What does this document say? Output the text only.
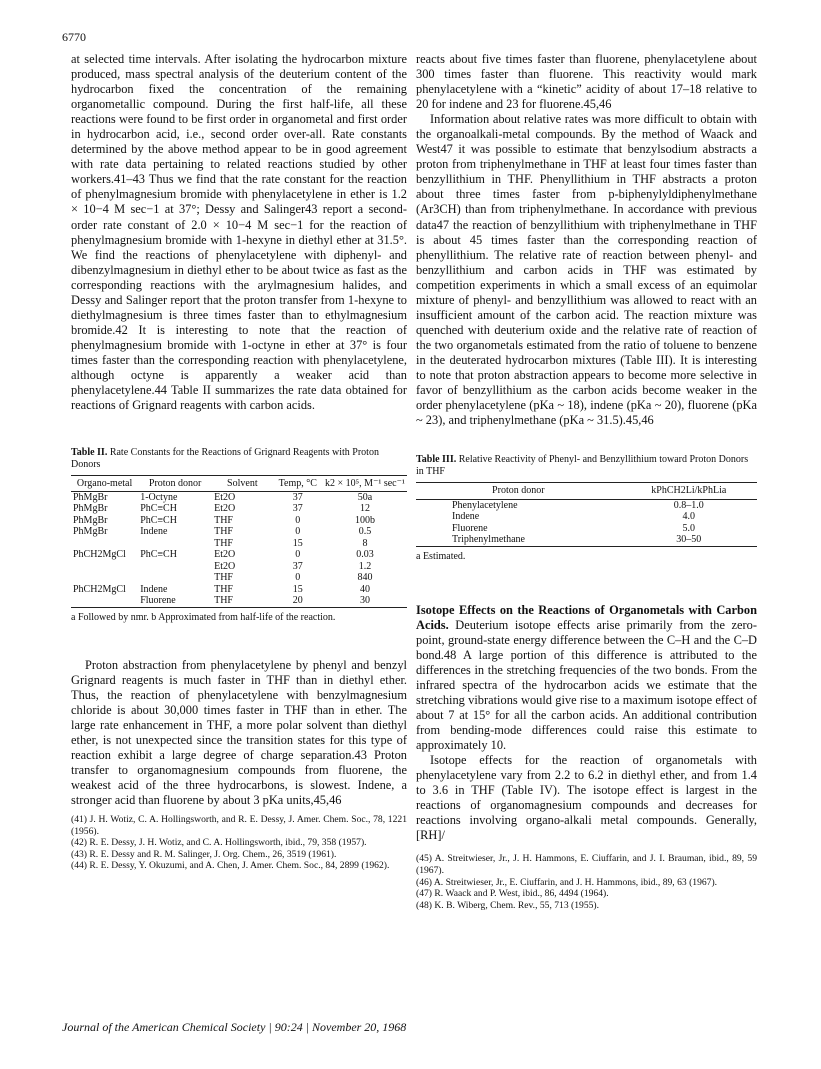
6770

at selected time intervals. After isolating the hydrocarbon mixture produced, mass spectral analysis of the deuterium content of the hydrocarbon fixed the concentration of the remaining organometallic compound. During the first half-life, all these reactions were found to be first order in organometal and first order in hydrocarbon acid, i.e., second order over-all. Rate constants determined by the above method appear to be in good agreement with rate data pertaining to related reactions studied by other workers.41–43 Thus we find that the rate constant for the reaction of phenylmagnesium bromide with phenylacetylene in ether is 1.2 × 10−4 M sec−1 at 37°; Dessy and Salinger43 report a second-order rate constant of 2.0 × 10−4 M sec−1 for the reaction of phenylmagnesium bromide with 1-hexyne in diethyl ether at 31.5°. We find the reactions of phenylacetylene with diphenyl- and dibenzylmagnesium in diethyl ether to be about twice as fast as the corresponding reactions with the arylmagnesium halides, and Dessy and Salinger report that the proton transfer from 1-hexyne to diethylmagnesium is three times faster than to ethylmagnesium bromide.42 It is interesting to note that the reaction of phenylmagnesium bromide with 1-octyne in ether at 37° is four times faster than the corresponding reaction with phenylacetylene, although octyne is apparently a weaker acid than phenylacetylene.44 Table II summarizes the rate data obtained for reactions of Grignard reagents with carbon acids.

Table II. Rate Constants for the Reactions of Grignard Reagents with Proton Donors
Organo-metal	Proton donor	Solvent	Temp, °C	k2 × 10⁵, M⁻¹ sec⁻¹
PhMgBr	1-Octyne	Et2O	37	50a
PhMgBr	PhC≡CH	Et2O	37	12
PhMgBr	PhC≡CH	THF	0	100b
PhMgBr	Indene	THF	0	0.5
		THF	15	8
PhCH2MgCl	PhC≡CH	Et2O	0	0.03
		Et2O	37	1.2
		THF	0	840
PhCH2MgCl	Indene	THF	15	40
	Fluorene	THF	20	30
a Followed by nmr. b Approximated from half-life of the reaction.

Proton abstraction from phenylacetylene by phenyl and benzyl Grignard reagents is much faster in THF than in diethyl ether. Thus, the reaction of phenylacetylene with benzylmagnesium chloride is about 30,000 times faster in THF than in ether. The large rate enhancement in THF, a more polar solvent than diethyl ether, is not unexpected since the transition states for this type of reaction exhibit a large degree of charge separation.43 Proton transfer to organomagnesium compounds from fluorene, the weakest acid of the three hydrocarbons, is slowest. Indene, a stronger acid than fluorene by about 3 pKa units,45,46

(41) J. H. Wotiz, C. A. Hollingsworth, and R. E. Dessy, J. Amer. Chem. Soc., 78, 1221 (1956).
(42) R. E. Dessy, J. H. Wotiz, and C. A. Hollingsworth, ibid., 79, 358 (1957).
(43) R. E. Dessy and R. M. Salinger, J. Org. Chem., 26, 3519 (1961).
(44) R. E. Dessy, Y. Okuzumi, and A. Chen, J. Amer. Chem. Soc., 84, 2899 (1962).

reacts about five times faster than fluorene, phenylacetylene about 300 times faster than fluorene. This reactivity would mark phenylacetylene with a “kinetic” acidity of about 17–18 relative to 20 for indene and 23 for fluorene.45,46

Information about relative rates was more difficult to obtain with the organoalkali-metal compounds. By the method of Waack and West47 it was possible to estimate that benzylsodium abstracts a proton from triphenylmethane in THF at least four times faster than benzyllithium in THF. Phenyllithium in THF abstracts a proton about three times faster from p-biphenylyldiphenylmethane (Ar3CH) than from triphenylmethane. In accordance with previous data47 the reaction of benzyllithium with triphenylmethane in THF is about 45 times faster than the corresponding reaction of phenyllithium. The relative rate of reaction between phenyl- and benzyllithium and carbon acids in THF was estimated by competition experiments in which a small excess of an equimolar mixture of phenyl- and benzyllithium was allowed to react with an insufficient amount of the carbon acid. The reaction mixture was quenched with deuterium oxide and the relative rate of reaction of the two organometals estimated from the ratio of toluene to benzene in the deuterated hydrocarbon mixtures (Table III). It is interesting to note that proton abstraction appears to become more selective in favor of benzyllithium as the carbon acids become weaker in the order phenylacetylene (pKa ~ 18), indene (pKa ~ 20), fluorene (pKa ~ 23), and triphenylmethane (pKa ~ 31.5).45,46

Table III. Relative Reactivity of Phenyl- and Benzyllithium toward Proton Donors in THF
Proton donor	kPhCH2Li/kPhLia
Phenylacetylene	0.8–1.0
Indene	4.0
Fluorene	5.0
Triphenylmethane	30–50
a Estimated.

Isotope Effects on the Reactions of Organometals with Carbon Acids. Deuterium isotope effects arise primarily from the zero-point, ground-state energy difference between the C–H and the C–D bond.48 A large portion of this difference is attributed to the differences in the stretching frequencies of the two bonds. From the infrared spectra of the hydrocarbon acids we estimate that the stretching vibrations would give rise to a maximum isotope effect of about 7 at 15° for all the carbon acids. An additional contribution from bending-mode differences could raise this estimate to approximately 10.

Isotope effects for the reaction of organometals with phenylacetylene vary from 2.2 to 6.2 in diethyl ether, and from 1.4 to 3.6 in THF (Table IV). The isotope effect is largest in the reactions of organomagnesium compounds and decreases for reactions involving organo-alkali metal compounds. Generally, [RH]/

(45) A. Streitwieser, Jr., J. H. Hammons, E. Ciuffarin, and J. I. Brauman, ibid., 89, 59 (1967).
(46) A. Streitwieser, Jr., E. Ciuffarin, and J. H. Hammons, ibid., 89, 63 (1967).
(47) R. Waack and P. West, ibid., 86, 4494 (1964).
(48) K. B. Wiberg, Chem. Rev., 55, 713 (1955).
Journal of the American Chemical Society | 90:24 | November 20, 1968
